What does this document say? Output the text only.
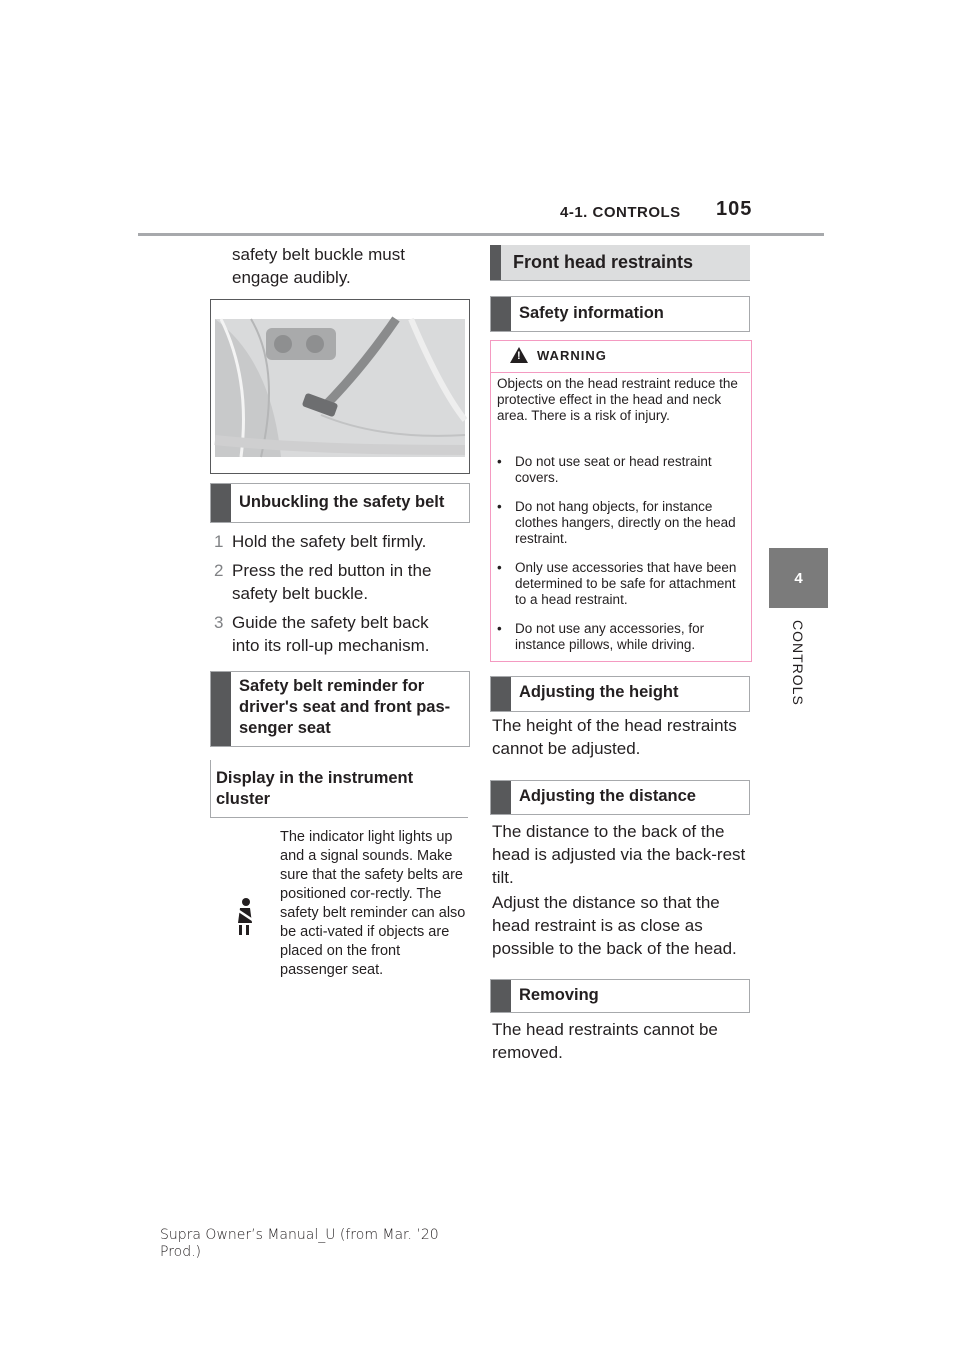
4-1. CONTROLS 105
4
CONTROLS
safety belt buckle must engage audibly.
Unbuckling the safety belt
1 Hold the safety belt firmly.
2 Press the red button in the safety belt buckle.
3 Guide the safety belt back into its roll-up mechanism.
Safety belt reminder for driver's seat and front pas-senger seat
Display in the instrument cluster
The indicator light lights up and a signal sounds. Make sure that the safety belts are positioned cor-rectly. The safety belt reminder can also be acti-vated if objects are placed on the front passenger seat.
Front head restraints
Safety information
! WARNING
Objects on the head restraint reduce the protective effect in the head and neck area. There is a risk of injury.
• Do not use seat or head restraint covers.
• Do not hang objects, for instance clothes hangers, directly on the head restraint.
• Only use accessories that have been determined to be safe for attachment to a head restraint.
• Do not use any accessories, for instance pillows, while driving.
Adjusting the height
The height of the head restraints cannot be adjusted.
Adjusting the distance
The distance to the back of the head is adjusted via the back-rest tilt.
Adjust the distance so that the head restraint is as close as possible to the back of the head.
Removing
The head restraints cannot be removed.
Supra Owner’s Manual_U (from Mar. ’20
Prod.)
